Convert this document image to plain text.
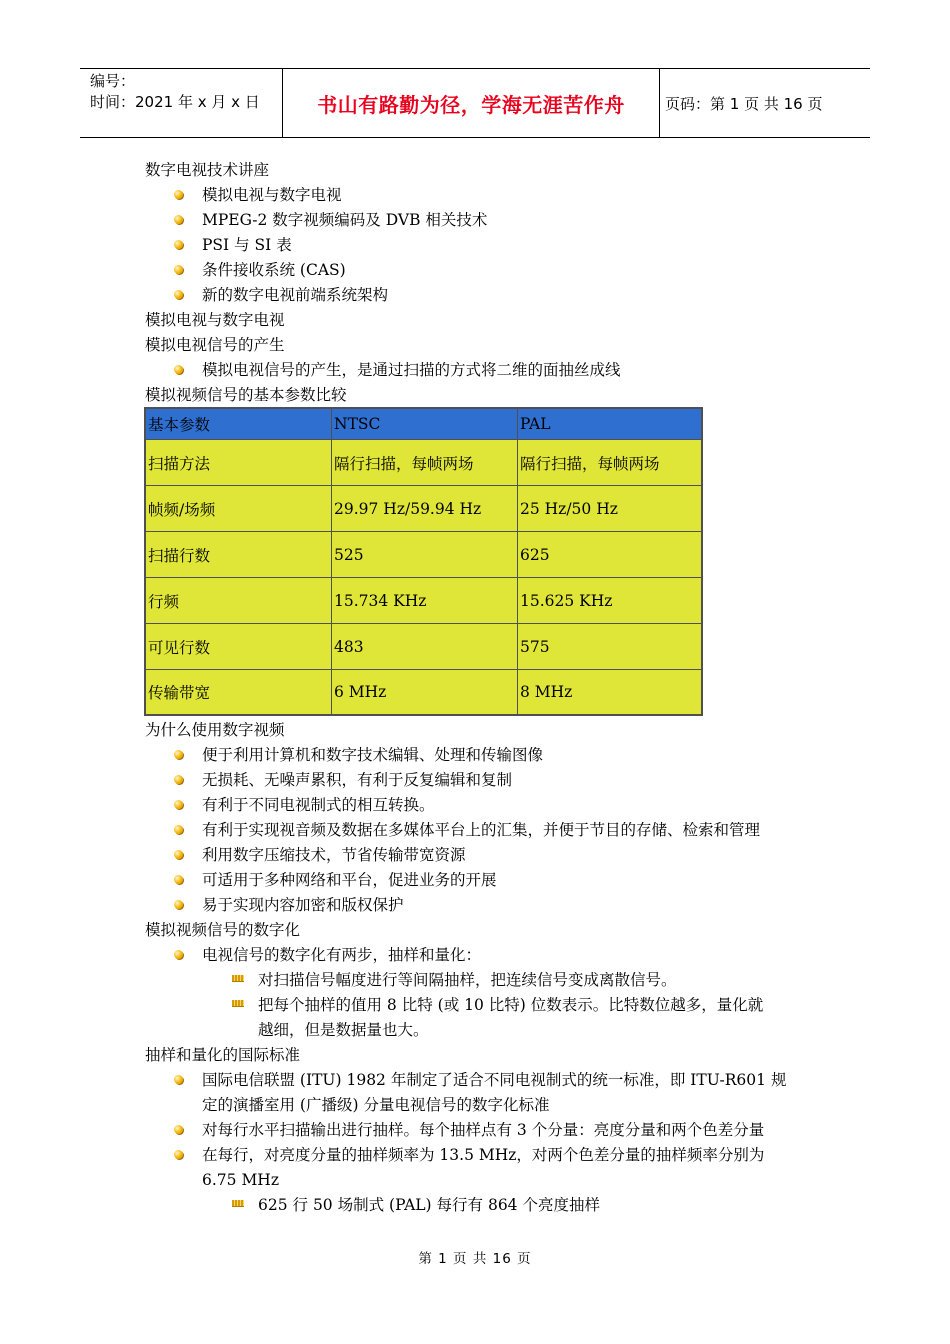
编号：
时间：2021 年 x 月 x 日	书山有路勤为径，学海无涯苦作舟	页码：第 1 页 共 16 页
数字电视技术讲座
模拟电视与数字电视
MPEG-2 数字视频编码及 DVB 相关技术
PSI 与 SI 表
条件接收系统 (CAS)
新的数字电视前端系统架构
模拟电视与数字电视
模拟电视信号的产生
模拟电视信号的产生，是通过扫描的方式将二维的面抽丝成线
模拟视频信号的基本参数比较
基本参数	NTSC	PAL
扫描方法	隔行扫描，每帧两场	隔行扫描，每帧两场
帧频/场频	29.97 Hz/59.94 Hz	25 Hz/50 Hz
扫描行数	525	625
行频	15.734 KHz	15.625 KHz
可见行数	483	575
传输带宽	6 MHz	8 MHz
为什么使用数字视频
便于利用计算机和数字技术编辑、处理和传输图像
无损耗、无噪声累积，有利于反复编辑和复制
有利于不同电视制式的相互转换。
有利于实现视音频及数据在多媒体平台上的汇集，并便于节目的存储、检索和管理
利用数字压缩技术，节省传输带宽资源
可适用于多种网络和平台，促进业务的开展
易于实现内容加密和版权保护
模拟视频信号的数字化
电视信号的数字化有两步，抽样和量化：
对扫描信号幅度进行等间隔抽样，把连续信号变成离散信号。
把每个抽样的值用 8 比特 (或 10 比特) 位数表示。比特数位越多，量化就
越细，但是数据量也大。
抽样和量化的国际标准
国际电信联盟 (ITU) 1982 年制定了适合不同电视制式的统一标准，即 ITU-R601 规
定的演播室用 (广播级) 分量电视信号的数字化标准
对每行水平扫描输出进行抽样。每个抽样点有 3 个分量：亮度分量和两个色差分量
在每行，对亮度分量的抽样频率为 13.5 MHz，对两个色差分量的抽样频率分别为
6.75 MHz
625 行 50 场制式 (PAL) 每行有 864 个亮度抽样
第 1 页 共 16 页
